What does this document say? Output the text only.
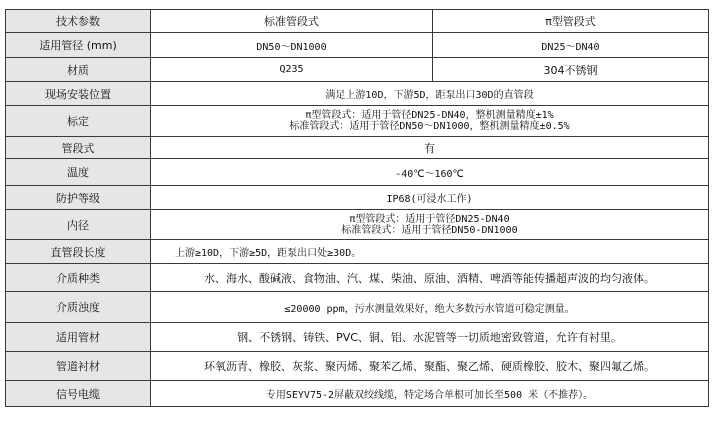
技术参数	标准管段式	π型管段式
适用管径 (mm)	DN50～DN1000	DN25～DN40
材质	Q235	304不锈钢
现场安装位置	满足上游10D，下游5D，距泵出口30D的直管段	
标定	π型管段式：适用于管径DN25-DN40，整机测量精度±1%
标准管段式：适用于管径DN50～DN1000，整机测量精度±0.5%	

管段式	有	
温度	-40℃～160℃	
防护等级	IP68(可浸水工作)	
内径	π型管段式：适用于管径DN25-DN40
标准管段式：适用于管径DN50-DN1000	

直管段长度	上游≥10D，下游≥5D，距泵出口处≥30D。	
介质种类	水、海水、酸碱液、食物油、汽、煤、柴油、原油、酒精、啤酒等能传播超声波的均匀液体。	
介质浊度	≤20000 ppm，污水测量效果好，绝大多数污水管道可稳定测量。	
适用管材	钢、不锈钢、铸铁、PVC、铜、铝、水泥管等一切质地密致管道，允许有衬里。	
管道衬材	环氧沥青、橡胶、灰浆、聚丙烯、聚苯乙烯、聚酯、聚乙烯、硬质橡胶、胶木、聚四氟乙烯。	
信号电缆	专用SEYV75-2屏蔽双绞线缆，特定场合单根可加长至500 米（不推荐）。	
